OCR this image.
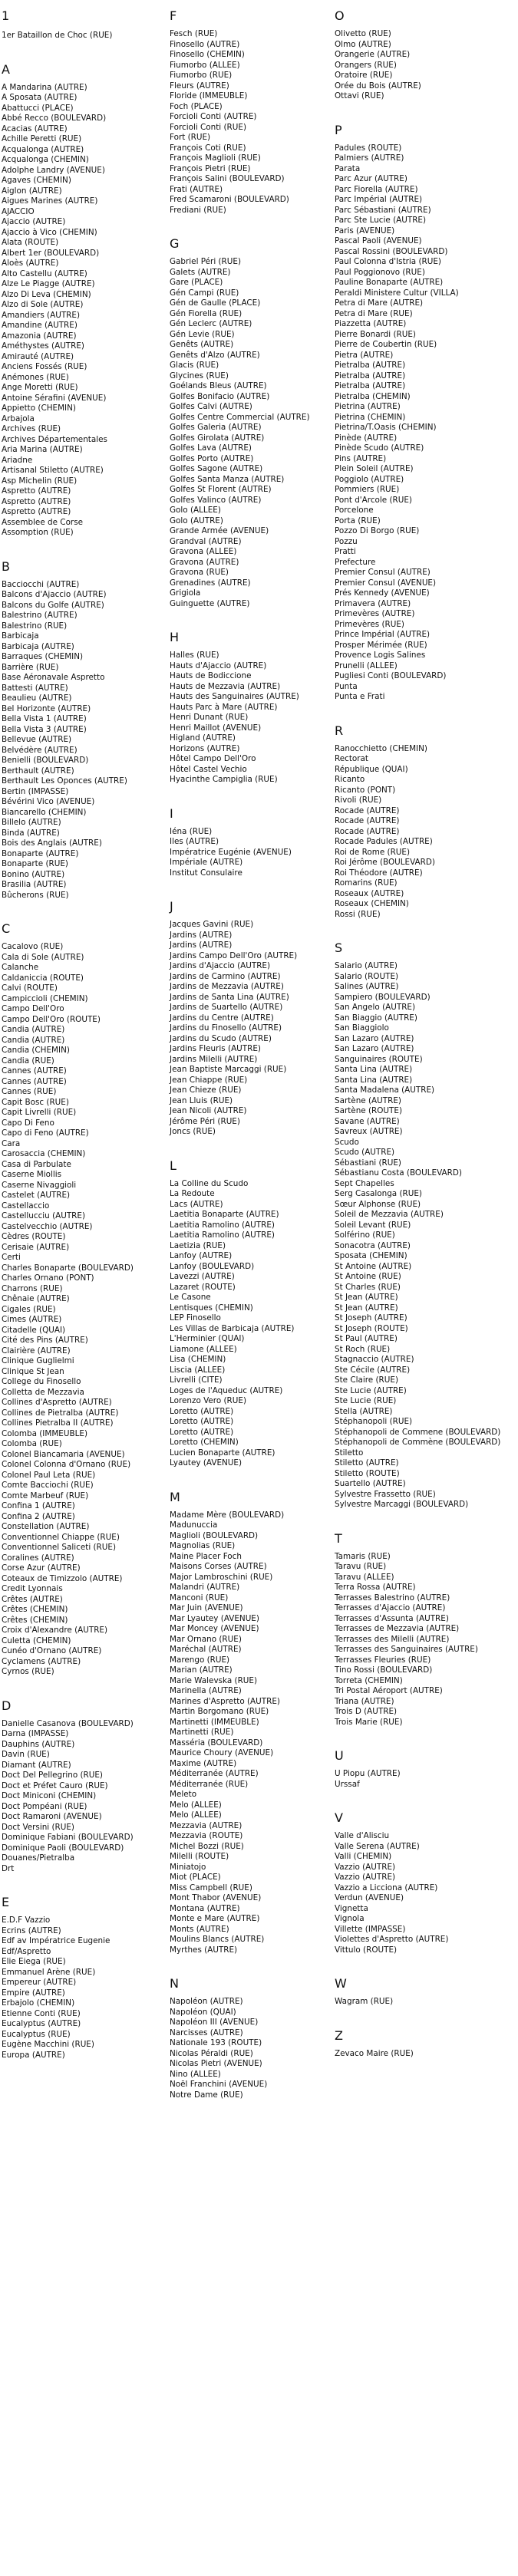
1
1er Bataillon de Choc (RUE)
A
A Mandarina (AUTRE)
A Sposata (AUTRE)
Abattucci (PLACE)
Abbé Recco (BOULEVARD)
Acacias (AUTRE)
Achille Peretti (RUE)
Acqualonga (AUTRE)
Acqualonga (CHEMIN)
Adolphe Landry (AVENUE)
Agaves (CHEMIN)
Aiglon (AUTRE)
Aigues Marines (AUTRE)
AJACCIO
Ajaccio (AUTRE)
Ajaccio à Vico (CHEMIN)
Alata (ROUTE)
Albert 1er (BOULEVARD)
Aloès (AUTRE)
Alto Castellu (AUTRE)
Alze Le Piagge (AUTRE)
Alzo Di Leva (CHEMIN)
Alzo di Sole (AUTRE)
Amandiers (AUTRE)
Amandine (AUTRE)
Amazonia (AUTRE)
Améthystes (AUTRE)
Amirauté (AUTRE)
Anciens Fossés (RUE)
Anémones (RUE)
Ange Moretti (RUE)
Antoine Sérafini (AVENUE)
Appietto (CHEMIN)
Arbajola
Archives (RUE)
Archives Départementales
Aria Marina (AUTRE)
Ariadne
Artisanal Stiletto (AUTRE)
Asp Michelin (RUE)
Aspretto (AUTRE)
Aspretto (AUTRE)
Aspretto (AUTRE)
Assemblee de Corse
Assomption (RUE)
B
Bacciocchi (AUTRE)
Balcons d'Ajaccio (AUTRE)
Balcons du Golfe (AUTRE)
Balestrino (AUTRE)
Balestrino (RUE)
Barbicaja
Barbicaja (AUTRE)
Barraques (CHEMIN)
Barrière (RUE)
Base Aéronavale Aspretto
Battesti (AUTRE)
Beaulieu (AUTRE)
Bel Horizonte (AUTRE)
Bella Vista 1 (AUTRE)
Bella Vista 3 (AUTRE)
Bellevue (AUTRE)
Belvédère (AUTRE)
Benielli (BOULEVARD)
Berthault (AUTRE)
Berthault Les Oponces (AUTRE)
Bertin (IMPASSE)
Bévérini Vico (AVENUE)
Biancarello (CHEMIN)
Billelo (AUTRE)
Binda (AUTRE)
Bois des Anglais (AUTRE)
Bonaparte (AUTRE)
Bonaparte (RUE)
Bonino (AUTRE)
Brasilia (AUTRE)
Bûcherons (RUE)
C
Cacalovo (RUE)
Cala di Sole (AUTRE)
Calanche
Caldaniccia (ROUTE)
Calvi (ROUTE)
Campiccioli (CHEMIN)
Campo Dell'Oro
Campo Dell'Oro (ROUTE)
Candia (AUTRE)
Candia (AUTRE)
Candia (CHEMIN)
Candia (RUE)
Cannes (AUTRE)
Cannes (AUTRE)
Cannes (RUE)
Capit Bosc (RUE)
Capit Livrelli (RUE)
Capo Di Feno
Capo di Feno (AUTRE)
Cara
Carosaccia (CHEMIN)
Casa di Parbulate
Caserne Miollis
Caserne Nivaggioli
Castelet (AUTRE)
Castellaccio
Castellucciu (AUTRE)
Castelvecchio (AUTRE)
Cèdres (ROUTE)
Cerisaie (AUTRE)
Certi
Charles Bonaparte (BOULEVARD)
Charles Ornano (PONT)
Charrons (RUE)
Chênaie (AUTRE)
Cigales (RUE)
Cimes (AUTRE)
Citadelle (QUAI)
Cité des Pins (AUTRE)
Clairière (AUTRE)
Clinique Guglielmi
Clinique St Jean
College du Finosello
Colletta de Mezzavia
Collines d'Aspretto (AUTRE)
Collines de Pietralba (AUTRE)
Collines Pietralba II (AUTRE)
Colomba (IMMEUBLE)
Colomba (RUE)
Colonel Biancamaria (AVENUE)
Colonel Colonna d'Ornano (RUE)
Colonel Paul Leta (RUE)
Comte Bacciochi (RUE)
Comte Marbeuf (RUE)
Confina 1 (AUTRE)
Confina 2 (AUTRE)
Constellation (AUTRE)
Conventionnel Chiappe (RUE)
Conventionnel Saliceti (RUE)
Coralines (AUTRE)
Corse Azur (AUTRE)
Coteaux de Timizzolo (AUTRE)
Credit Lyonnais
Crêtes (AUTRE)
Crêtes (CHEMIN)
Crêtes (CHEMIN)
Croix d'Alexandre (AUTRE)
Culetta (CHEMIN)
Cunéo d'Ornano (AUTRE)
Cyclamens (AUTRE)
Cyrnos (RUE)
D
Danielle Casanova (BOULEVARD)
Darna (IMPASSE)
Dauphins (AUTRE)
Davin (RUE)
Diamant (AUTRE)
Doct Del Pellegrino (RUE)
Doct et Préfet Cauro (RUE)
Doct Miniconi (CHEMIN)
Doct Pompéani (RUE)
Doct Ramaroni (AVENUE)
Doct Versini (RUE)
Dominique Fabiani (BOULEVARD)
Dominique Paoli (BOULEVARD)
Douanes/Pietralba
Drt
E
E.D.F Vazzio
Ecrins (AUTRE)
Edf av Impératrice Eugenie
Edf/Aspretto
Elie Eiega (RUE)
Emmanuel Arène (RUE)
Empereur (AUTRE)
Empire (AUTRE)
Erbajolo (CHEMIN)
Etienne Conti (RUE)
Eucalyptus (AUTRE)
Eucalyptus (RUE)
Eugène Macchini (RUE)
Europa (AUTRE)
F
Fesch (RUE)
Finosello (AUTRE)
Finosello (CHEMIN)
Fiumorbo (ALLEE)
Fiumorbo (RUE)
Fleurs (AUTRE)
Floride (IMMEUBLE)
Foch (PLACE)
Forcioli Conti (AUTRE)
Forcioli Conti (RUE)
Fort (RUE)
François Coti (RUE)
François Maglioli (RUE)
François Pietri (RUE)
François Salini (BOULEVARD)
Frati (AUTRE)
Fred Scamaroni (BOULEVARD)
Frediani (RUE)
G
Gabriel Péri (RUE)
Galets (AUTRE)
Gare (PLACE)
Gén Campi (RUE)
Gén de Gaulle (PLACE)
Gén Fiorella (RUE)
Gén Leclerc (AUTRE)
Gén Levie (RUE)
Genêts (AUTRE)
Genêts d'Alzo (AUTRE)
Glacis (RUE)
Glycines (RUE)
Goélands Bleus (AUTRE)
Golfes Bonifacio (AUTRE)
Golfes Calvi (AUTRE)
Golfes Centre Commercial (AUTRE)
Golfes Galeria (AUTRE)
Golfes Girolata (AUTRE)
Golfes Lava (AUTRE)
Golfes Porto (AUTRE)
Golfes Sagone (AUTRE)
Golfes Santa Manza (AUTRE)
Golfes St Florent (AUTRE)
Golfes Valinco (AUTRE)
Golo (ALLEE)
Golo (AUTRE)
Grande Armée (AVENUE)
Grandval (AUTRE)
Gravona (ALLEE)
Gravona (AUTRE)
Gravona (RUE)
Grenadines (AUTRE)
Grigiola
Guinguette (AUTRE)
H
Halles (RUE)
Hauts d'Ajaccio (AUTRE)
Hauts de Bodiccione
Hauts de Mezzavia (AUTRE)
Hauts des Sanguinaires (AUTRE)
Hauts Parc à Mare (AUTRE)
Henri Dunant (RUE)
Henri Maillot (AVENUE)
Higland (AUTRE)
Horizons (AUTRE)
Hôtel Campo Dell'Oro
Hôtel Castel Vechio
Hyacinthe Campiglia (RUE)
I
Iéna (RUE)
Iles (AUTRE)
Impératrice Eugénie (AVENUE)
Impériale (AUTRE)
Institut Consulaire
J
Jacques Gavini (RUE)
Jardins (AUTRE)
Jardins (AUTRE)
Jardins Campo Dell'Oro (AUTRE)
Jardins d'Ajaccio (AUTRE)
Jardins de Carmino (AUTRE)
Jardins de Mezzavia (AUTRE)
Jardins de Santa Lina (AUTRE)
Jardins de Suartello (AUTRE)
Jardins du Centre (AUTRE)
Jardins du Finosello (AUTRE)
Jardins du Scudo (AUTRE)
Jardins Fleuris (AUTRE)
Jardins Milelli (AUTRE)
Jean Baptiste Marcaggi (RUE)
Jean Chiappe (RUE)
Jean Chieze (RUE)
Jean Lluis (RUE)
Jean Nicoli (AUTRE)
Jérôme Péri (RUE)
Joncs (RUE)
L
La Colline du Scudo
La Redoute
Lacs (AUTRE)
Laetitia Bonaparte (AUTRE)
Laetitia Ramolino (AUTRE)
Laetitia Ramolino (AUTRE)
Laetizia (RUE)
Lanfoy (AUTRE)
Lanfoy (BOULEVARD)
Lavezzi (AUTRE)
Lazaret (ROUTE)
Le Casone
Lentisques (CHEMIN)
LEP Finosello
Les Villas de Barbicaja (AUTRE)
L'Herminier (QUAI)
Liamone (ALLEE)
Lisa (CHEMIN)
Liscia (ALLEE)
Livrelli (CITE)
Loges de l'Aqueduc (AUTRE)
Lorenzo Vero (RUE)
Loretto (AUTRE)
Loretto (AUTRE)
Loretto (AUTRE)
Loretto (CHEMIN)
Lucien Bonaparte (AUTRE)
Lyautey (AVENUE)
M
Madame Mère (BOULEVARD)
Madunuccia
Maglioli (BOULEVARD)
Magnolias (RUE)
Maine Placer Foch
Maisons Corses (AUTRE)
Major Lambroschini (RUE)
Malandri (AUTRE)
Manconi (RUE)
Mar Juin (AVENUE)
Mar Lyautey (AVENUE)
Mar Moncey (AVENUE)
Mar Ornano (RUE)
Maréchal (AUTRE)
Marengo (RUE)
Marian (AUTRE)
Marie Walevska (RUE)
Marinella (AUTRE)
Marines d'Aspretto (AUTRE)
Martin Borgomano (RUE)
Martinetti (IMMEUBLE)
Martinetti (RUE)
Masséria (BOULEVARD)
Maurice Choury (AVENUE)
Maxime (AUTRE)
Méditerranée (AUTRE)
Méditerranée (RUE)
Meleto
Melo (ALLEE)
Melo (ALLEE)
Mezzavia (AUTRE)
Mezzavia (ROUTE)
Michel Bozzi (RUE)
Milelli (ROUTE)
Miniatojo
Miot (PLACE)
Miss Campbell (RUE)
Mont Thabor (AVENUE)
Montana (AUTRE)
Monte e Mare (AUTRE)
Monts (AUTRE)
Moulins Blancs (AUTRE)
Myrthes (AUTRE)
N
Napoléon (AUTRE)
Napoléon (QUAI)
Napoléon III (AVENUE)
Narcisses (AUTRE)
Nationale 193 (ROUTE)
Nicolas Péraldi (RUE)
Nicolas Pietri (AVENUE)
Nino (ALLEE)
Noël Franchini (AVENUE)
Notre Dame (RUE)
O
Olivetto (RUE)
Olmo (AUTRE)
Orangerie (AUTRE)
Orangers (RUE)
Oratoire (RUE)
Orée du Bois (AUTRE)
Ottavi (RUE)
P
Padules (ROUTE)
Palmiers (AUTRE)
Parata
Parc Azur (AUTRE)
Parc Fiorella (AUTRE)
Parc Impérial (AUTRE)
Parc Sébastiani (AUTRE)
Parc Ste Lucie (AUTRE)
Paris (AVENUE)
Pascal Paoli (AVENUE)
Pascal Rossini (BOULEVARD)
Paul Colonna d'Istria (RUE)
Paul Poggionovo (RUE)
Pauline Bonaparte (AUTRE)
Peraldi Ministere Cultur (VILLA)
Petra di Mare (AUTRE)
Petra di Mare (RUE)
Piazzetta (AUTRE)
Pierre Bonardi (RUE)
Pierre de Coubertin (RUE)
Pietra (AUTRE)
Pietralba (AUTRE)
Pietralba (AUTRE)
Pietralba (AUTRE)
Pietralba (CHEMIN)
Pietrina (AUTRE)
Pietrina (CHEMIN)
Pietrina/T.Oasis (CHEMIN)
Pinède (AUTRE)
Pinède Scudo (AUTRE)
Pins (AUTRE)
Plein Soleil (AUTRE)
Poggiolo (AUTRE)
Pommiers (RUE)
Pont d'Arcole (RUE)
Porcelone
Porta (RUE)
Pozzo Di Borgo (RUE)
Pozzu
Pratti
Prefecture
Premier Consul (AUTRE)
Premier Consul (AVENUE)
Prés Kennedy (AVENUE)
Primavera (AUTRE)
Primevères (AUTRE)
Primevères (RUE)
Prince Impérial (AUTRE)
Prosper Mérimée (RUE)
Provence Logis Salines
Prunelli (ALLEE)
Pugliesi Conti (BOULEVARD)
Punta
Punta e Frati
R
Ranocchietto (CHEMIN)
Rectorat
République (QUAI)
Ricanto
Ricanto (PONT)
Rivoli (RUE)
Rocade (AUTRE)
Rocade (AUTRE)
Rocade (AUTRE)
Rocade Padules (AUTRE)
Roi de Rome (RUE)
Roi Jérôme (BOULEVARD)
Roi Théodore (AUTRE)
Romarins (RUE)
Roseaux (AUTRE)
Roseaux (CHEMIN)
Rossi (RUE)
S
Salario (AUTRE)
Salario (ROUTE)
Salines (AUTRE)
Sampiero (BOULEVARD)
San Angelo (AUTRE)
San Biaggio (AUTRE)
San Biaggiolo
San Lazaro (AUTRE)
San Lazaro (AUTRE)
Sanguinaires (ROUTE)
Santa Lina (AUTRE)
Santa Lina (AUTRE)
Santa Madalena (AUTRE)
Sartène (AUTRE)
Sartène (ROUTE)
Savane (AUTRE)
Savreux (AUTRE)
Scudo
Scudo (AUTRE)
Sébastiani (RUE)
Sébastianu Costa (BOULEVARD)
Sept Chapelles
Serg Casalonga (RUE)
Sœur Alphonse (RUE)
Soleil de Mezzavia (AUTRE)
Soleil Levant (RUE)
Solférino (RUE)
Sonacotra (AUTRE)
Sposata (CHEMIN)
St Antoine (AUTRE)
St Antoine (RUE)
St Charles (RUE)
St Jean (AUTRE)
St Jean (AUTRE)
St Joseph (AUTRE)
St Joseph (ROUTE)
St Paul (AUTRE)
St Roch (RUE)
Stagnaccio (AUTRE)
Ste Cécile (AUTRE)
Ste Claire (RUE)
Ste Lucie (AUTRE)
Ste Lucie (RUE)
Stella (AUTRE)
Stéphanopoli (RUE)
Stéphanopoli de Commene (BOULEVARD)
Stéphanopoli de Commène (BOULEVARD)
Stiletto
Stiletto (AUTRE)
Stiletto (ROUTE)
Suartello (AUTRE)
Sylvestre Frassetto (RUE)
Sylvestre Marcaggi (BOULEVARD)
T
Tamaris (RUE)
Taravu (RUE)
Taravu (ALLEE)
Terra Rossa (AUTRE)
Terrasses Balestrino (AUTRE)
Terrasses d'Ajaccio (AUTRE)
Terrasses d'Assunta (AUTRE)
Terrasses de Mezzavia (AUTRE)
Terrasses des Milelli (AUTRE)
Terrasses des Sanguinaires (AUTRE)
Terrasses Fleuries (RUE)
Tino Rossi (BOULEVARD)
Torreta (CHEMIN)
Tri Postal Aéroport (AUTRE)
Triana (AUTRE)
Trois D (AUTRE)
Trois Marie (RUE)
U
U Piopu (AUTRE)
Urssaf
V
Valle d'Alisciu
Valle Serena (AUTRE)
Valli (CHEMIN)
Vazzio (AUTRE)
Vazzio (AUTRE)
Vazzio a Licciona (AUTRE)
Verdun (AVENUE)
Vignetta
Vignola
Villette (IMPASSE)
Violettes d'Aspretto (AUTRE)
Vittulo (ROUTE)
W
Wagram (RUE)
Z
Zevaco Maire (RUE)
